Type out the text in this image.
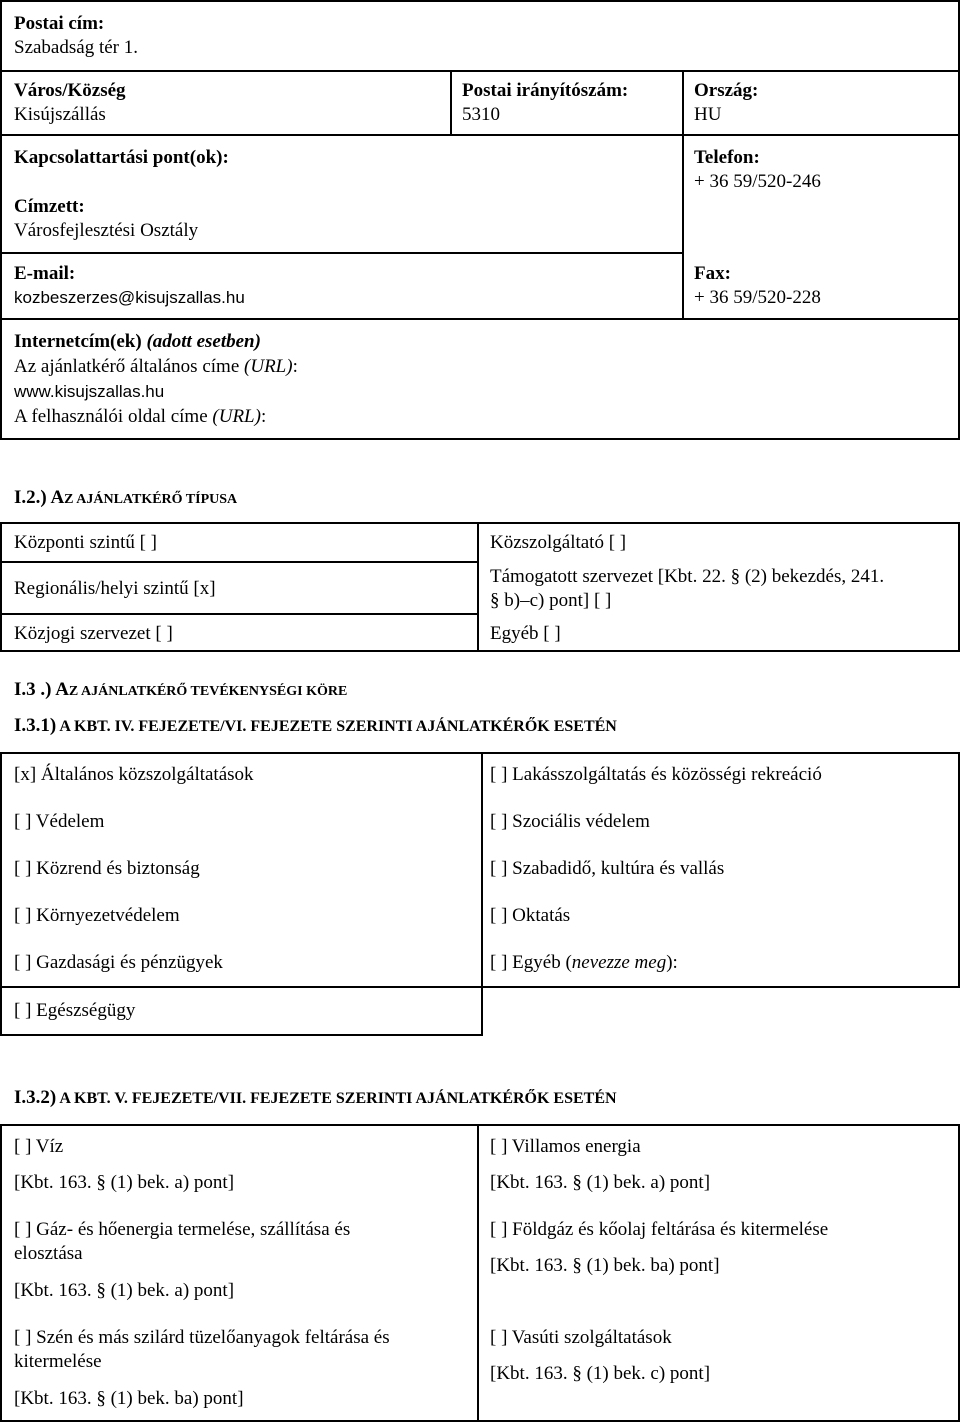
Postai cím:
Szabadság tér 1.
Város/Község
Kisújszállás
Postai irányítószám:
5310
Ország:
HU
Kapcsolattartási pont(ok):
Címzett:
Városfejlesztési Osztály
Telefon:
+ 36 59/520-246
E-mail:
kozbeszerzes@kisujszallas.hu
Fax:
+ 36 59/520-228
Internetcím(ek) (adott esetben)
Az ajánlatkérő általános címe (URL):
www.kisujszallas.hu
A felhasználói oldal címe (URL):
I.2.) AZ AJÁNLATKÉRŐ TÍPUSA
Központi szintű [ ]	Közszolgáltató [ ]
Regionális/helyi szintű [x]
Támogatott szervezet [Kbt. 22. § (2) bekezdés, 241.
§ b)–c) pont] [ ]
Közjogi szervezet [ ]	Egyéb [ ]
I.3 .) AZ AJÁNLATKÉRŐ TEVÉKENYSÉGI KÖRE
I.3.1) A KBT. IV. FEJEZETE/VI. FEJEZETE SZERINTI AJÁNLATKÉRŐK ESETÉN
[x] Általános közszolgáltatások
[ ] Védelem
[ ] Közrend és biztonság
[ ] Környezetvédelem
[ ] Gazdasági és pénzügyek
[ ] Egészségügy
[ ] Lakásszolgáltatás és közösségi rekreáció
[ ] Szociális védelem
[ ] Szabadidő, kultúra és vallás
[ ] Oktatás
[ ] Egyéb (nevezze meg):
I.3.2) A KBT. V. FEJEZETE/VII. FEJEZETE SZERINTI AJÁNLATKÉRŐK ESETÉN
[ ] Víz
[Kbt. 163. § (1) bek. a) pont]
[ ] Gáz- és hőenergia termelése, szállítása és
elosztása
[Kbt. 163. § (1) bek. a) pont]
[ ] Szén és más szilárd tüzelőanyagok feltárása és
kitermelése
[Kbt. 163. § (1) bek. ba) pont]
[ ] Villamos energia
[Kbt. 163. § (1) bek. a) pont]
[ ] Földgáz és kőolaj feltárása és kitermelése
[Kbt. 163. § (1) bek. ba) pont]
[ ] Vasúti szolgáltatások
[Kbt. 163. § (1) bek. c) pont]
